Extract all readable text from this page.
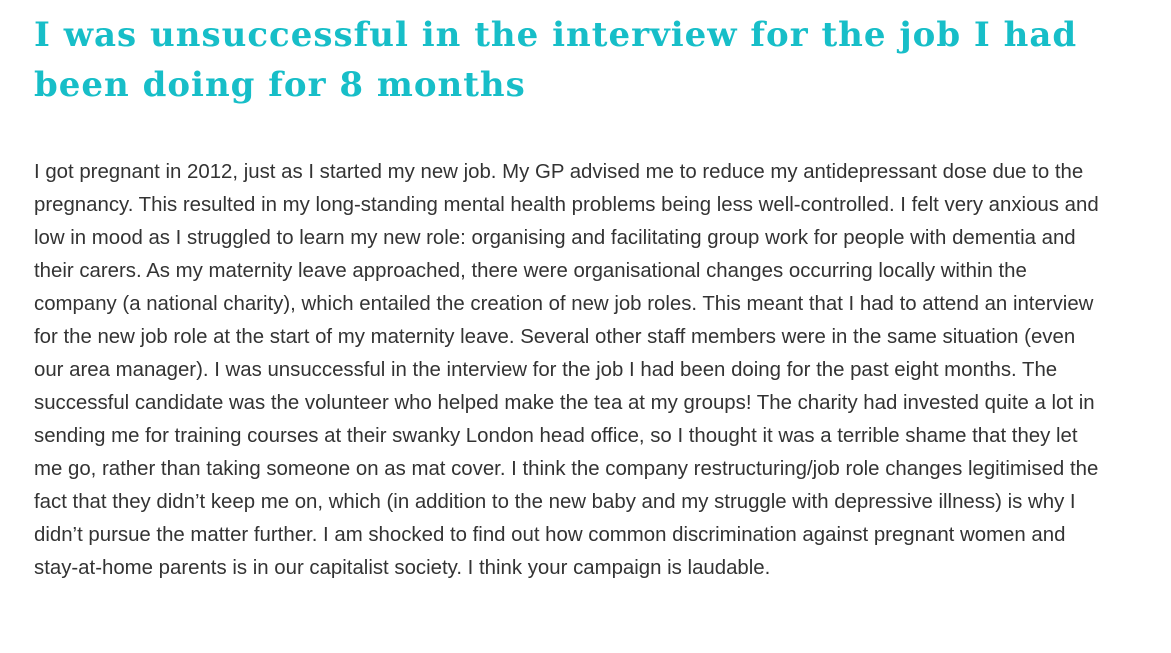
I was unsuccessful in the interview for the job I had been doing for 8 months

I got pregnant in 2012, just as I started my new job. My GP advised me to reduce my antidepressant dose due to the pregnancy. This resulted in my long-standing mental health problems being less well-controlled. I felt very anxious and low in mood as I struggled to learn my new role: organising and facilitating group work for people with dementia and their carers. As my maternity leave approached, there were organisational changes occurring locally within the company (a national charity), which entailed the creation of new job roles. This meant that I had to attend an interview for the new job role at the start of my maternity leave. Several other staff members were in the same situation (even our area manager). I was unsuccessful in the interview for the job I had been doing for the past eight months. The successful candidate was the volunteer who helped make the tea at my groups! The charity had invested quite a lot in sending me for training courses at their swanky London head office, so I thought it was a terrible shame that they let me go, rather than taking someone on as mat cover. I think the company restructuring/job role changes legitimised the fact that they didn’t keep me on, which (in addition to the new baby and my struggle with depressive illness) is why I didn’t pursue the matter further. I am shocked to find out how common discrimination against pregnant women and stay-at-home parents is in our capitalist society. I think your campaign is laudable.
